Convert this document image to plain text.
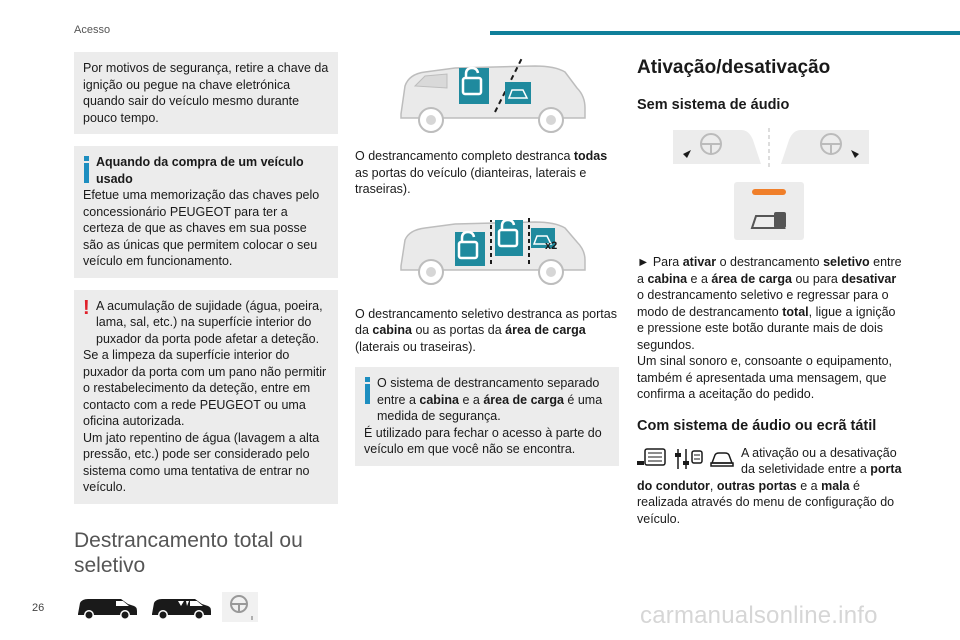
Acesso

Por motivos de segurança, retire a chave da ignição ou pegue na chave eletrónica quando sair do veículo mesmo durante pouco tempo.

Aquando da compra de um veículo usado

Efetue uma memorização das chaves pelo concessionário PEUGEOT para ter a certeza de que as chaves em sua posse são as únicas que permitem colocar o seu veículo em funcionamento.

! A acumulação de sujidade (água, poeira, lama, sal, etc.) na superfície interior do puxador da porta pode afetar a deteção.

Se a limpeza da superfície interior do puxador da porta com um pano não permitir o restabelecimento da deteção, entre em contacto com a rede PEUGEOT ou uma oficina autorizada.

Um jato repentino de água (lavagem a alta pressão, etc.) pode ser considerado pelo sistema como uma tentativa de entrar no veículo.

Destrancamento total ou seletivo

O destrancamento completo destranca todas as portas do veículo (dianteiras, laterais e traseiras).

x2

O destrancamento seletivo destranca as portas da cabina ou as portas da área de carga (laterais ou traseiras).

O sistema de destrancamento separado entre a cabina e a área de carga é uma medida de segurança.

É utilizado para fechar o acesso à parte do veículo em que você não se encontra.

Ativação/desativação
Sem sistema de áudio

► Para ativar o destrancamento seletivo entre a cabina e a área de carga ou para desativar o destrancamento seletivo e regressar para o modo de destrancamento total, ligue a ignição e pressione este botão durante mais de dois segundos.
Um sinal sonoro e, consoante o equipamento, também é apresentada uma mensagem, que confirma a aceitação do pedido.

Com sistema de áudio ou ecrã tátil

A ativação ou a desativação da seletividade entre a porta do condutor, outras portas e a mala é realizada através do menu de configuração do veículo.

26	carmanualsonline.info
